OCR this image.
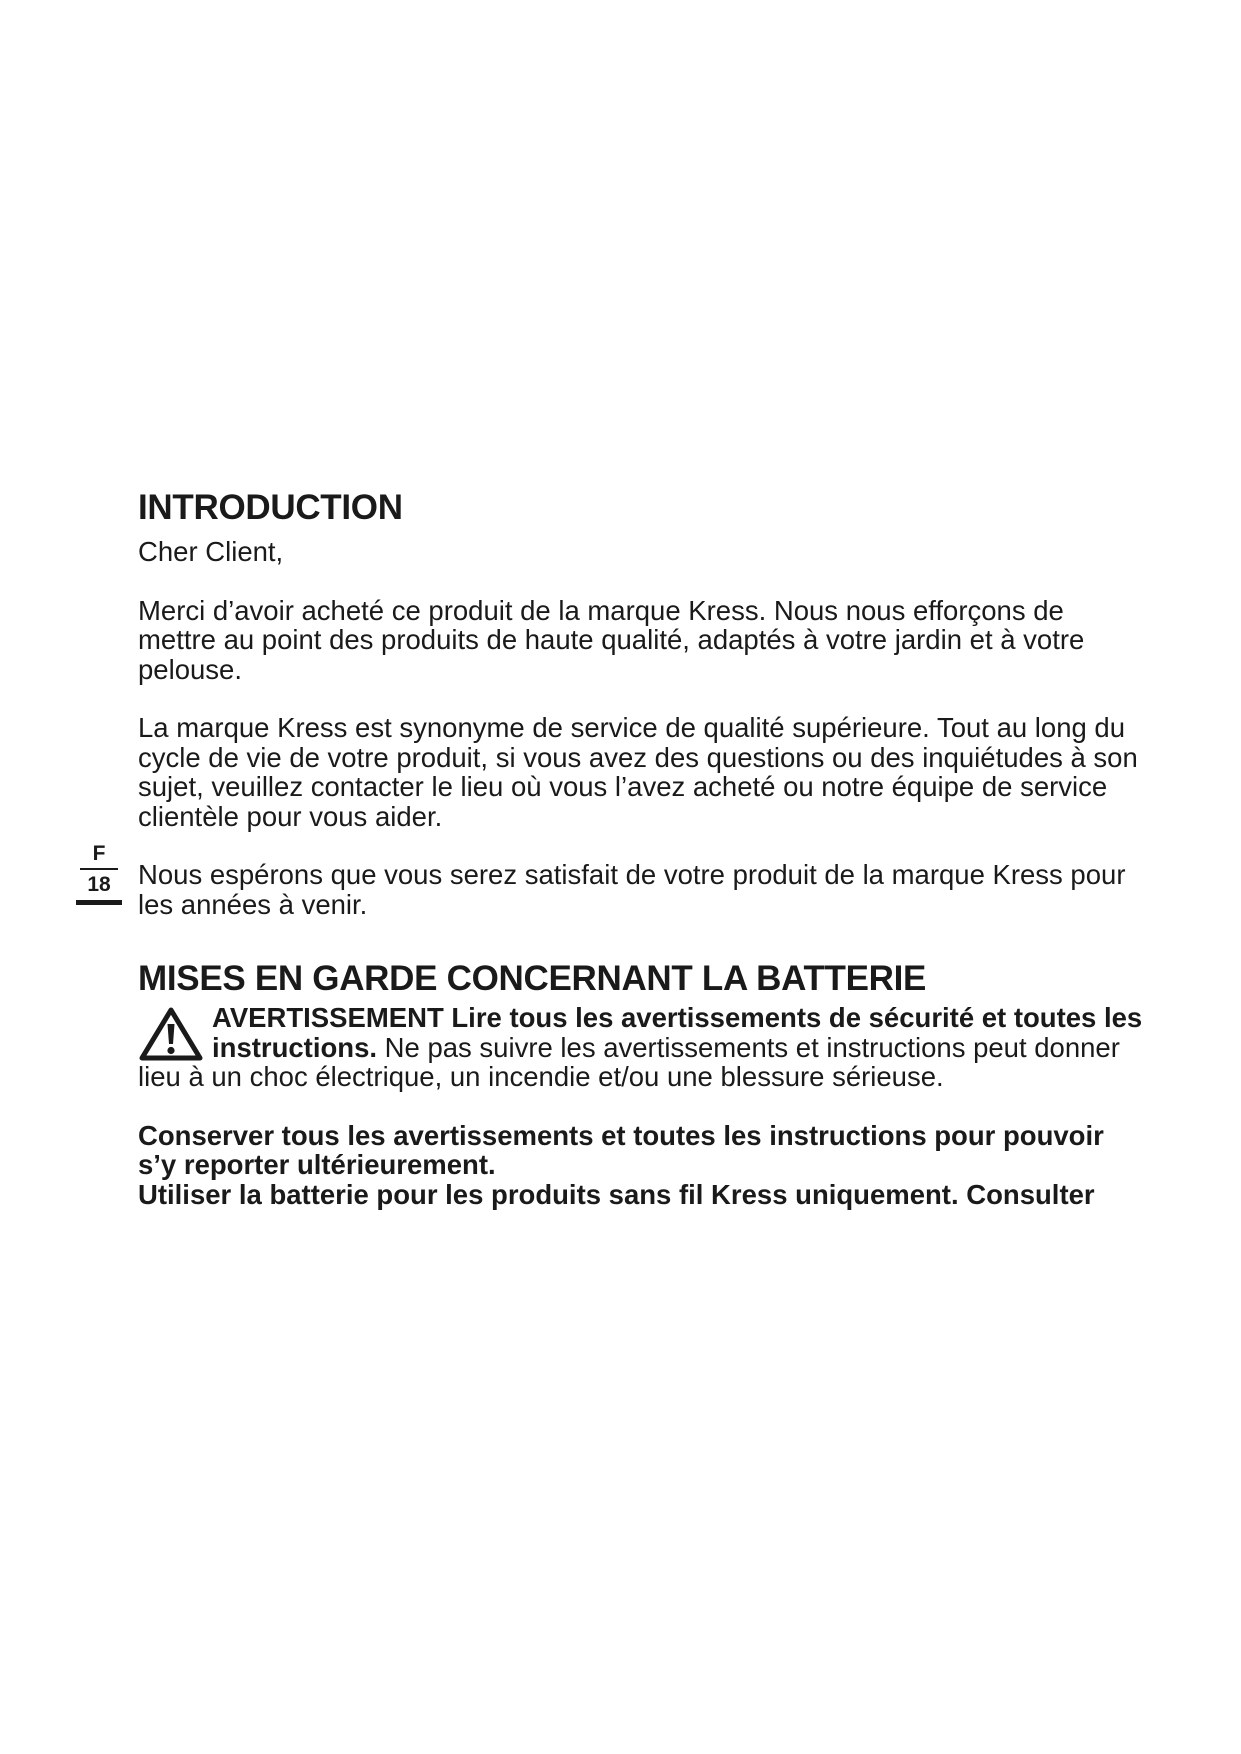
F
18
INTRODUCTION

Cher Client,

Merci d’avoir acheté ce produit de la marque Kress. Nous nous efforçons de mettre au point des produits de haute qualité, adaptés à votre jardin et à votre pelouse.

La marque Kress est synonyme de service de qualité supérieure. Tout au long du cycle de vie de votre produit, si vous avez des questions ou des inquiétudes à son sujet, veuillez contacter le lieu où vous l’avez acheté ou notre équipe de service clientèle pour vous aider.

Nous espérons que vous serez satisfait de votre produit de la marque Kress pour les années à venir.

MISES EN GARDE CONCERNANT LA BATTERIE
AVERTISSEMENT Lire tous les avertissements de sécurité et toutes les instructions. Ne pas suivre les avertissements et instructions peut donner lieu à un choc électrique, un incendie et/ou une blessure sérieuse.

Conserver tous les avertissements et toutes les instructions pour pouvoir s’y reporter ultérieurement.

Utiliser la batterie pour les produits sans fil Kress uniquement. Consulter
